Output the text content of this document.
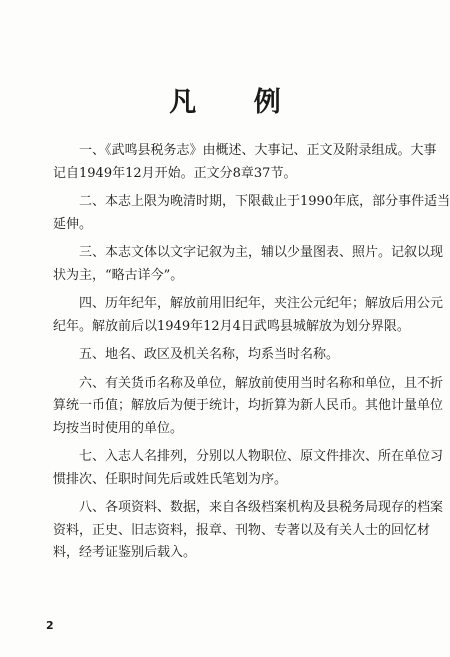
凡 例

一、《武鸣县税务志》由概述、大事记、正文及附录组成。大事
记自1949年12月开始。正文分8章37节。

二、本志上限为晚清时期，下限截止于1990年底，部分事件适当
延伸。

三、本志文体以文字记叙为主，辅以少量图表、照片。记叙以现
状为主，“略古详今”。

四、历年纪年，解放前用旧纪年，夹注公元纪年；解放后用公元
纪年。解放前后以1949年12月4日武鸣县城解放为划分界限。

五、地名、政区及机关名称，均系当时名称。

六、有关货币名称及单位，解放前使用当时名称和单位，且不折
算统一币值；解放后为便于统计，均折算为新人民币。其他计量单位
均按当时使用的单位。

七、入志人名排列，分别以人物职位、原文件排次、所在单位习
惯排次、任职时间先后或姓氏笔划为序。

八、各项资料、数据，来自各级档案机构及县税务局现存的档案
资料，正史、旧志资料，报章、刊物、专著以及有关人士的回忆材
料，经考证鉴别后载入。

2
